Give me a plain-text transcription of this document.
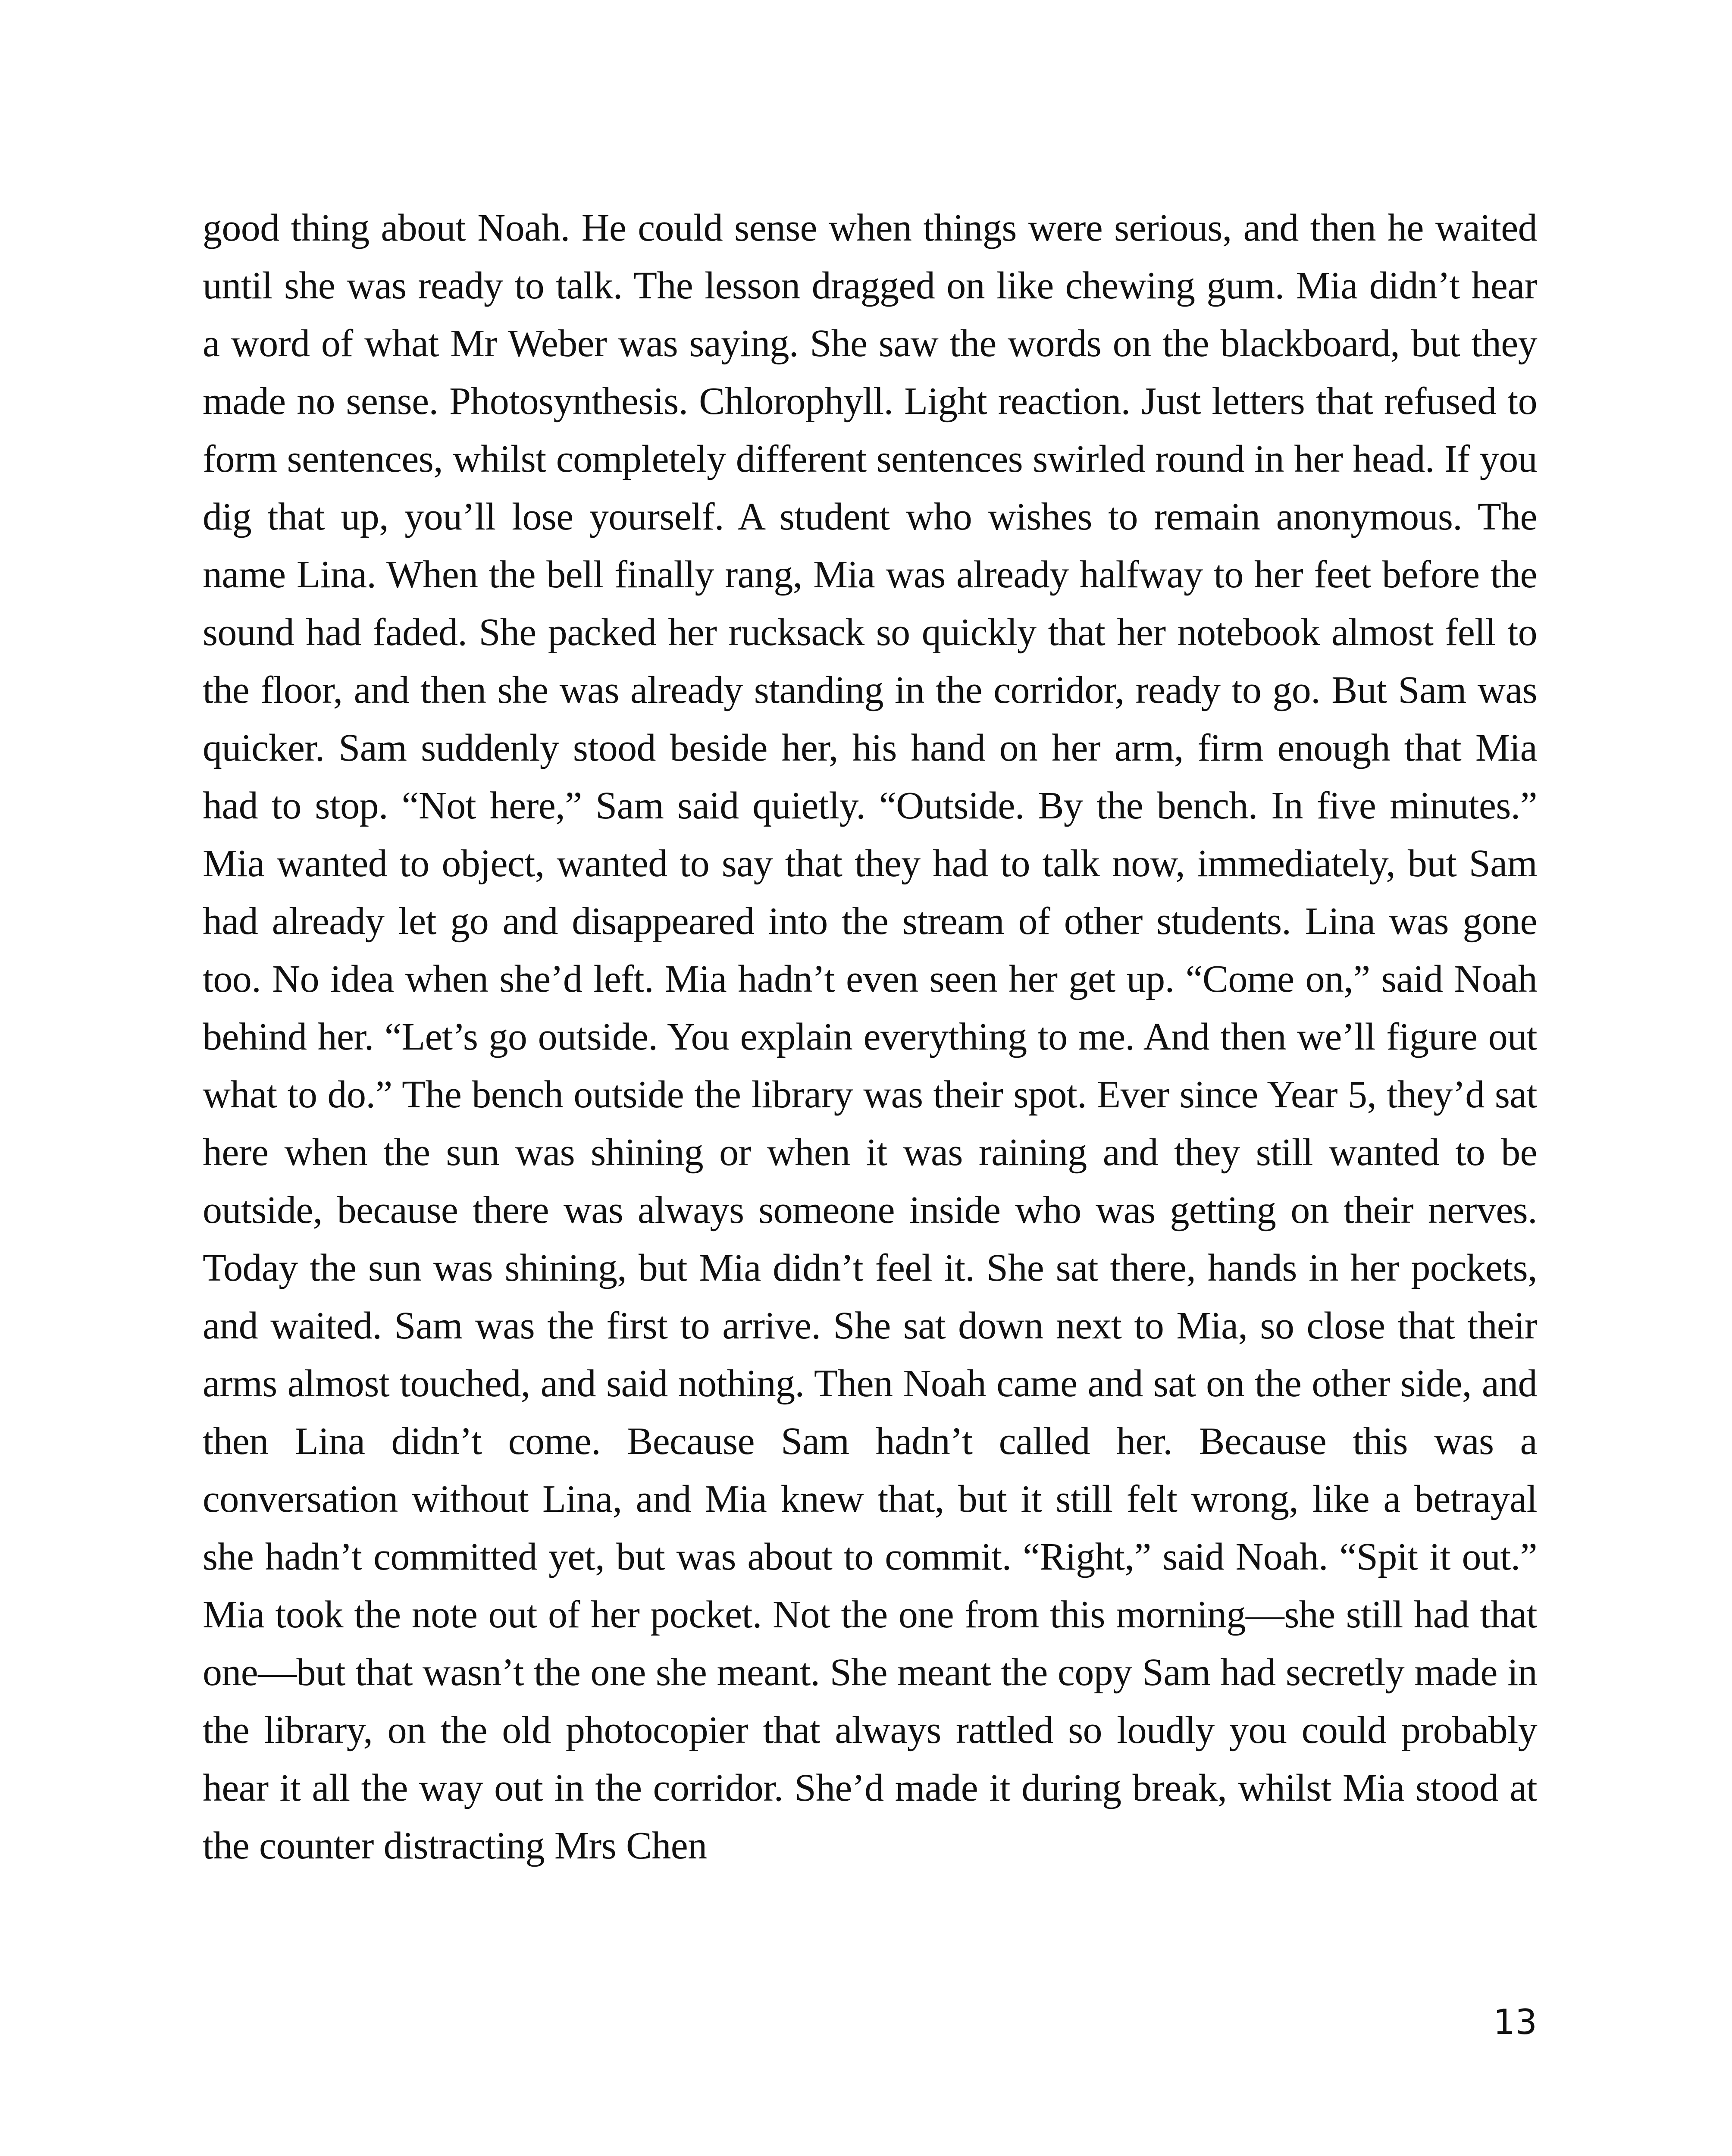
good thing about Noah. He could sense when things were serious, and then he waited until she was ready to talk. The lesson dragged on like chewing gum. Mia didn’t hear a word of what Mr Weber was saying. She saw the words on the blackboard, but they made no sense. Photosynthesis. Chlorophyll. Light reaction. Just letters that refused to form sentences, whilst completely different sentences swirled round in her head. If you dig that up, you’ll lose yourself. A student who wishes to remain anonymous. The name Lina. When the bell finally rang, Mia was already halfway to her feet before the sound had faded. She packed her rucksack so quickly that her notebook almost fell to the floor, and then she was already standing in the corridor, ready to go. But Sam was quicker. Sam suddenly stood beside her, his hand on her arm, firm enough that Mia had to stop. “Not here,” Sam said quietly. “Outside. By the bench. In five minutes.” Mia wanted to object, wanted to say that they had to talk now, immediately, but Sam had already let go and disappeared into the stream of other students. Lina was gone too. No idea when she’d left. Mia hadn’t even seen her get up. “Come on,” said Noah behind her. “Let’s go outside. You explain everything to me. And then we’ll figure out what to do.” The bench outside the library was their spot. Ever since Year 5, they’d sat here when the sun was shining or when it was raining and they still wanted to be outside, because there was always someone inside who was getting on their nerves. Today the sun was shining, but Mia didn’t feel it. She sat there, hands in her pockets, and waited. Sam was the first to arrive. She sat down next to Mia, so close that their arms almost touched, and said nothing. Then Noah came and sat on the other side, and then Lina didn’t come. Because Sam hadn’t called her. Because this was a conversation without Lina, and Mia knew that, but it still felt wrong, like a betrayal she hadn’t committed yet, but was about to commit. “Right,” said Noah. “Spit it out.” Mia took the note out of her pocket. Not the one from this morning—she still had that one—but that wasn’t the one she meant. She meant the copy Sam had secretly made in the library, on the old photocopier that always rattled so loudly you could probably hear it all the way out in the corridor. She’d made it during break, whilst Mia stood at the counter distracting Mrs Chen

13
